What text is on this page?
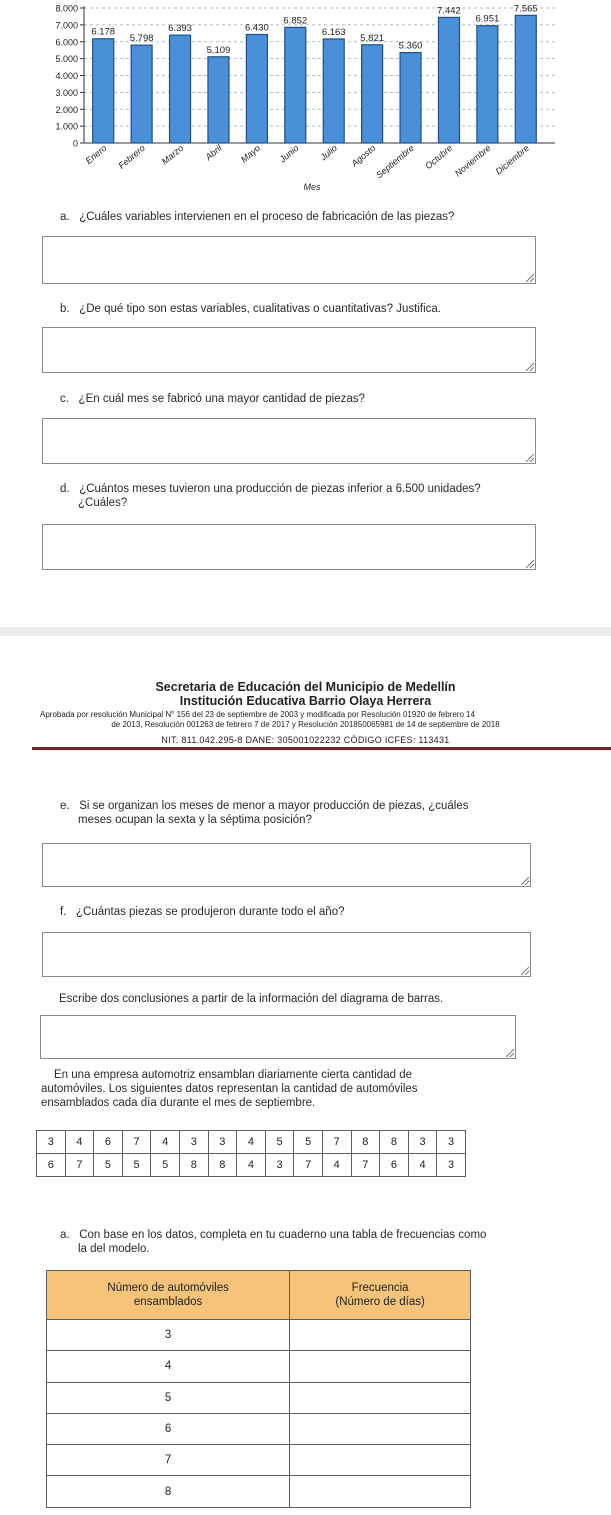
0
1.000
2.000
3.000
4.000
5.000
6.000
7.000
8.000
6.178
Enero
5.798
Febrero
6.393
Marzo
5.109
Abril
6.430
Mayo
6.852
Junio
6.163
Julio
5.821
Agosto
5.360
Septiembre
7.442
Octubre
6.951
Noviembre
7.565
Diciembre
Mes
a. ¿Cuáles variables intervienen en el proceso de fabricación de las piezas?
b. ¿De qué tipo son estas variables, cualitativas o cuantitativas? Justifica.
c. ¿En cuál mes se fabricó una mayor cantidad de piezas?
d. ¿Cuántos meses tuvieron una producción de piezas inferior a 6.500 unidades?
¿Cuáles?
Secretaria de Educación del Municipio de Medellín
Institución Educativa Barrio Olaya Herrera
Aprobada por resolución Municipal N° 156 del 23 de septiembre de 2003 y modificada por Resolución 01920 de febrero 14
de 2013, Resolución 001263 de febrero 7 de 2017 y Resolución 201850065981 de 14 de septiembre de 2018
NIT. 811.042.295-8 DANE: 305001022232 CÓDIGO ICFES: 113431
e. Si se organizan los meses de menor a mayor producción de piezas, ¿cuáles
meses ocupan la sexta y la séptima posición?
f. ¿Cuántas piezas se produjeron durante todo el año?
Escribe dos conclusiones a partir de la información del diagrama de barras.
En una empresa automotriz ensamblan diariamente cierta cantidad de
automóviles. Los siguientes datos representan la cantidad de automóviles
ensamblados cada día durante el mes de septiembre.
3	4	6	7	4	3	3	4	5	5	7	8	8	3	3
6	7	5	5	5	8	8	4	3	7	4	7	6	4	3
a. Con base en los datos, completa en tu cuaderno una tabla de frecuencias como
la del modelo.
Número de automóviles
ensamblados	Frecuencia
(Número de días)
3	
4	
5	
6	
7	
8	
